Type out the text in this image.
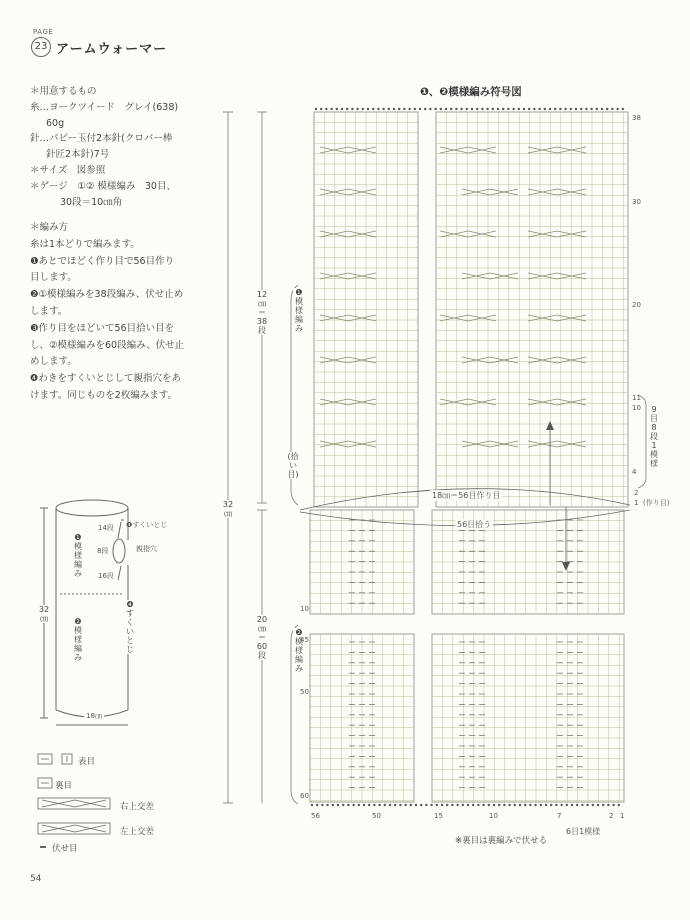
PAGE
23 アームウォーマー
＊用意するもの
糸…ヨークツイード　グレイ(638)
60g
針…パピー玉付2本針(クロバー棒
針匠2本針)7号
＊サイズ　図参照
＊ゲージ　①② 模様編み　30目、
30段＝10㎝角
＊編み方
糸は1本どりで編みます。
❶あとでほどく作り目で56目作り
目します。
❷①模様編みを38段編み、伏せ止め
します。
❸作り目をほどいて56目拾い目を
し、②模様編みを60段編み、伏せ止
めします。
❹わきをすくいとじして親指穴をあ
けます。同じものを2枚編みます。
❶模様編み
❷模様編み
14段
8段
16段
❹すくいとじ
親指穴
❹すくいとじ
32㎝
18㎝
❶、❷模様編み符号図
32㎝
12㎝＝38段
20㎝＝60段
❶模様編み
❷模様編み
(拾い目)
18㎝＝56目作り目
56目拾う
(作り目)
9目8段1模様
6目1模様
※裏目は裏編みで伏せる
38
30
20
10
11
4
2
1
10
45
50
60
56	50	15	10	7	2 1
表目
裏目
右上交差
左上交差
伏せ目
54
